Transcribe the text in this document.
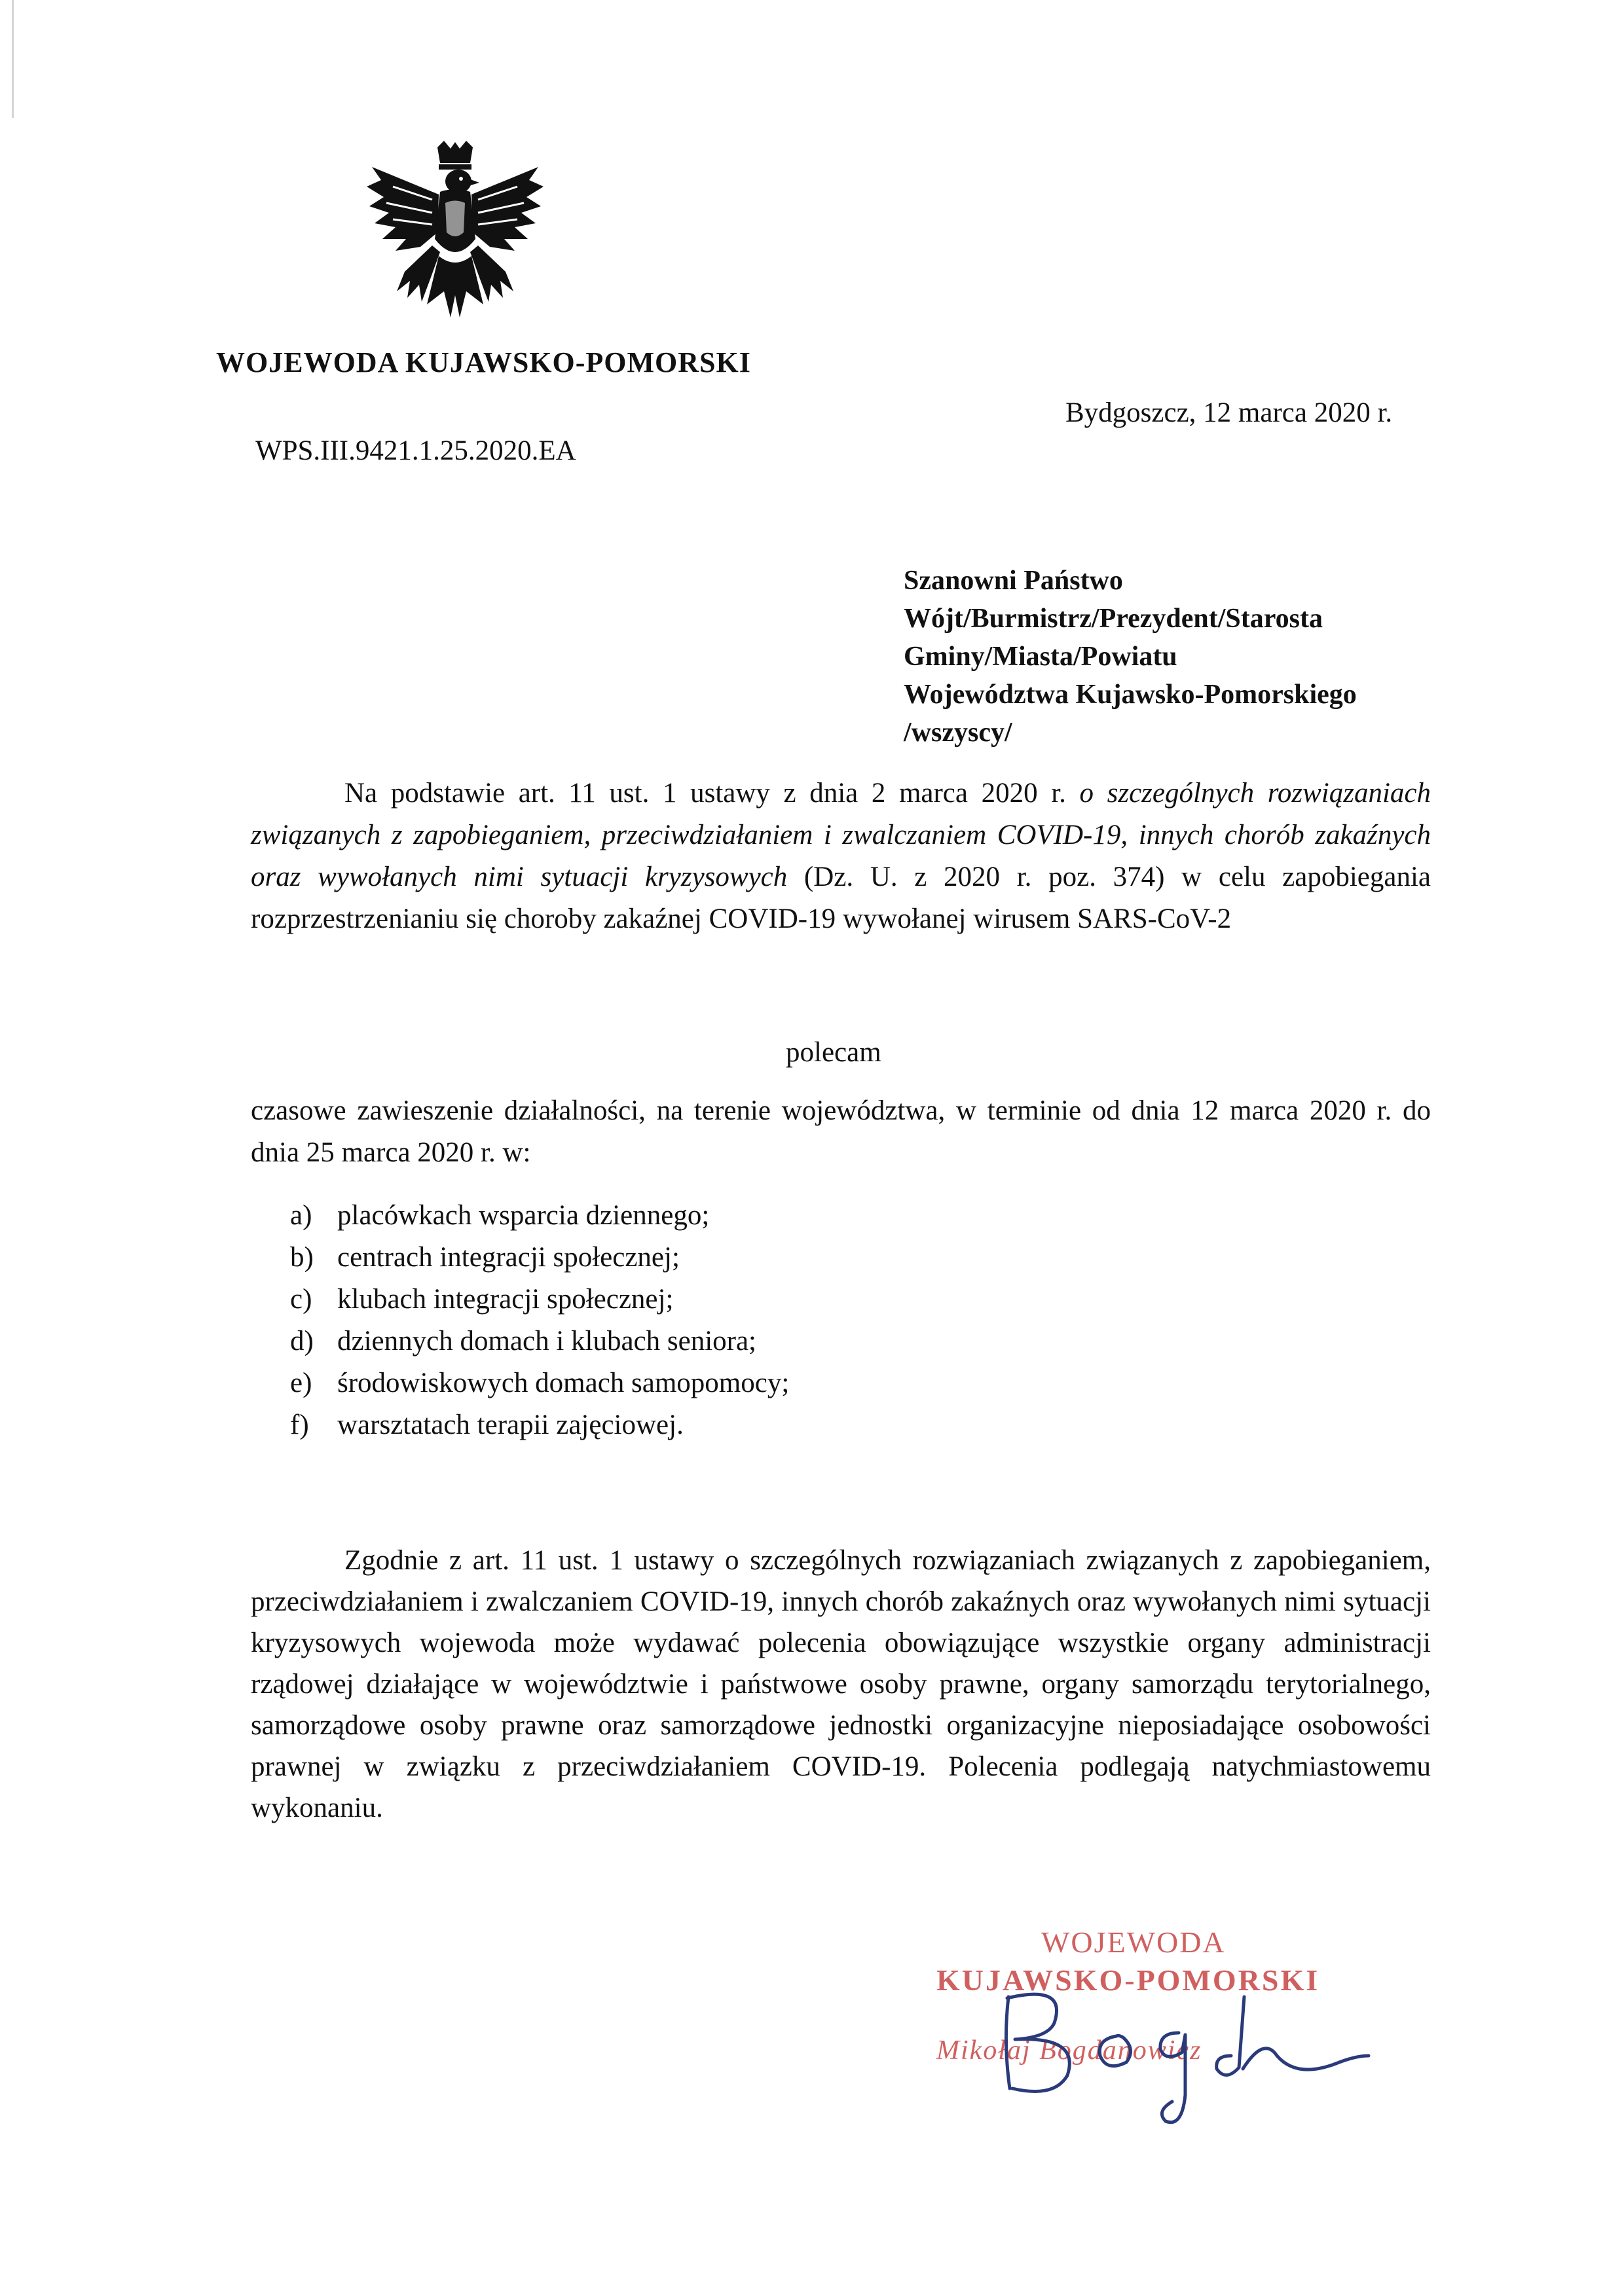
WOJEWODA KUJAWSKO-POMORSKI
Bydgoszcz, 12 marca 2020 r.
WPS.III.9421.1.25.2020.EA
Szanowni Państwo
Wójt/Burmistrz/Prezydent/Starosta
Gminy/Miasta/Powiatu
Województwa Kujawsko-Pomorskiego
/wszyscy/
Na podstawie art. 11 ust. 1 ustawy z dnia 2 marca 2020 r. o szczególnych rozwiązaniach związanych z zapobieganiem, przeciwdziałaniem i zwalczaniem COVID-19, innych chorób zakaźnych oraz wywołanych nimi sytuacji kryzysowych (Dz. U. z 2020 r. poz. 374) w celu zapobiegania rozprzestrzenianiu się choroby zakaźnej COVID-19 wywołanej wirusem SARS-CoV-2
polecam
czasowe zawieszenie działalności, na terenie województwa, w terminie od dnia 12 marca 2020 r. do dnia 25 marca 2020 r. w:
a) placówkach wsparcia dziennego;
b) centrach integracji społecznej;
c) klubach integracji społecznej;
d) dziennych domach i klubach seniora;
e) środowiskowych domach samopomocy;
f) warsztatach terapii zajęciowej.
Zgodnie z art. 11 ust. 1 ustawy o szczególnych rozwiązaniach związanych z zapobieganiem, przeciwdziałaniem i zwalczaniem COVID-19, innych chorób zakaźnych oraz wywołanych nimi sytuacji kryzysowych wojewoda może wydawać polecenia obowiązujące wszystkie organy administracji rządowej działające w województwie i państwowe osoby prawne, organy samorządu terytorialnego, samorządowe osoby prawne oraz samorządowe jednostki organizacyjne nieposiadające osobowości prawnej w związku z przeciwdziałaniem COVID-19. Polecenia podlegają natychmiastowemu wykonaniu.
WOJEWODA
KUJAWSKO-POMORSKI
Mikołaj Bogdanowicz
